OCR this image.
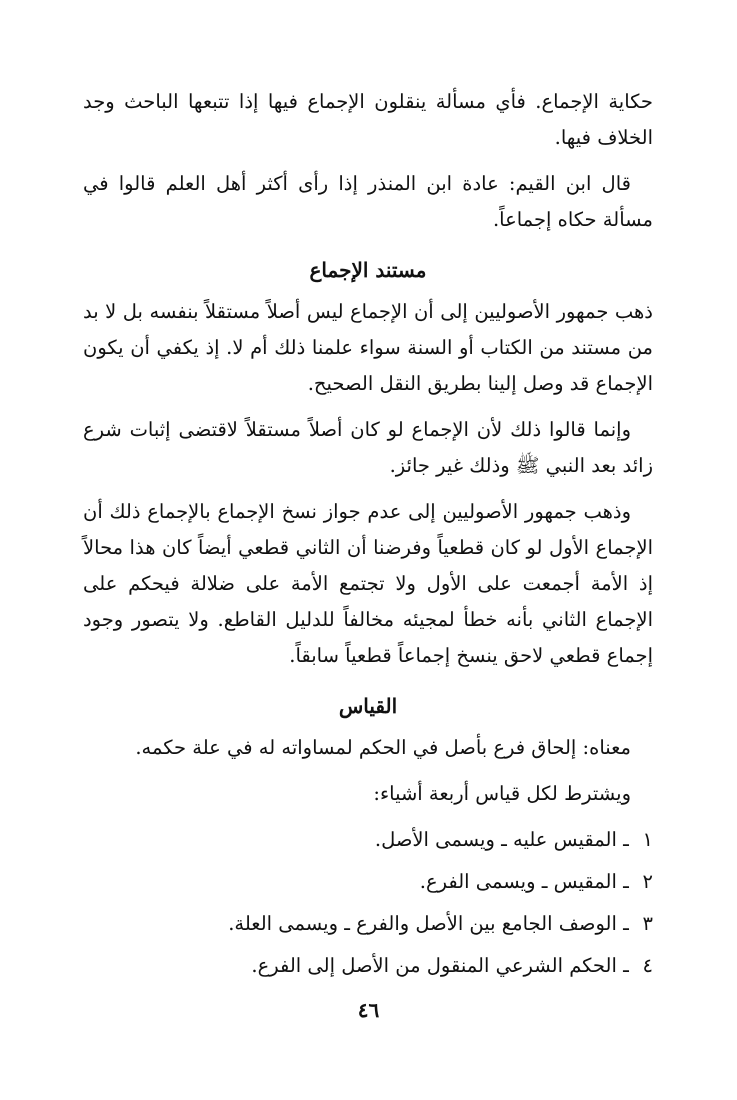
حكاية الإجماع. فأي مسألة ينقلون الإجماع فيها إذا تتبعها الباحث وجد الخلاف فيها.

قال ابن القيم: عادة ابن المنذر إذا رأى أكثر أهل العلم قالوا في مسألة حكاه إجماعاً.

مستند الإجماع

ذهب جمهور الأصوليين إلى أن الإجماع ليس أصلاً مستقلاً بنفسه بل لا بد من مستند من الكتاب أو السنة سواء علمنا ذلك أم لا. إذ يكفي أن يكون الإجماع قد وصل إلينا بطريق النقل الصحيح.

وإنما قالوا ذلك لأن الإجماع لو كان أصلاً مستقلاً لاقتضى إثبات شرع زائد بعد النبي ﷺ وذلك غير جائز.

وذهب جمهور الأصوليين إلى عدم جواز نسخ الإجماع بالإجماع ذلك أن الإجماع الأول لو كان قطعياً وفرضنا أن الثاني قطعي أيضاً كان هذا محالاً إذ الأمة أجمعت على الأول ولا تجتمع الأمة على ضلالة فيحكم على الإجماع الثاني بأنه خطأ لمجيئه مخالفاً للدليل القاطع. ولا يتصور وجود إجماع قطعي لاحق ينسخ إجماعاً قطعياً سابقاً.

القياس

معناه: إلحاق فرع بأصل في الحكم لمساواته له في علة حكمه.

ويشترط لكل قياس أربعة أشياء:

١ ـ المقيس عليه ـ ويسمى الأصل.
٢ ـ المقيس ـ ويسمى الفرع.
٣ ـ الوصف الجامع بين الأصل والفرع ـ ويسمى العلة.
٤ ـ الحكم الشرعي المنقول من الأصل إلى الفرع.
٤٦
